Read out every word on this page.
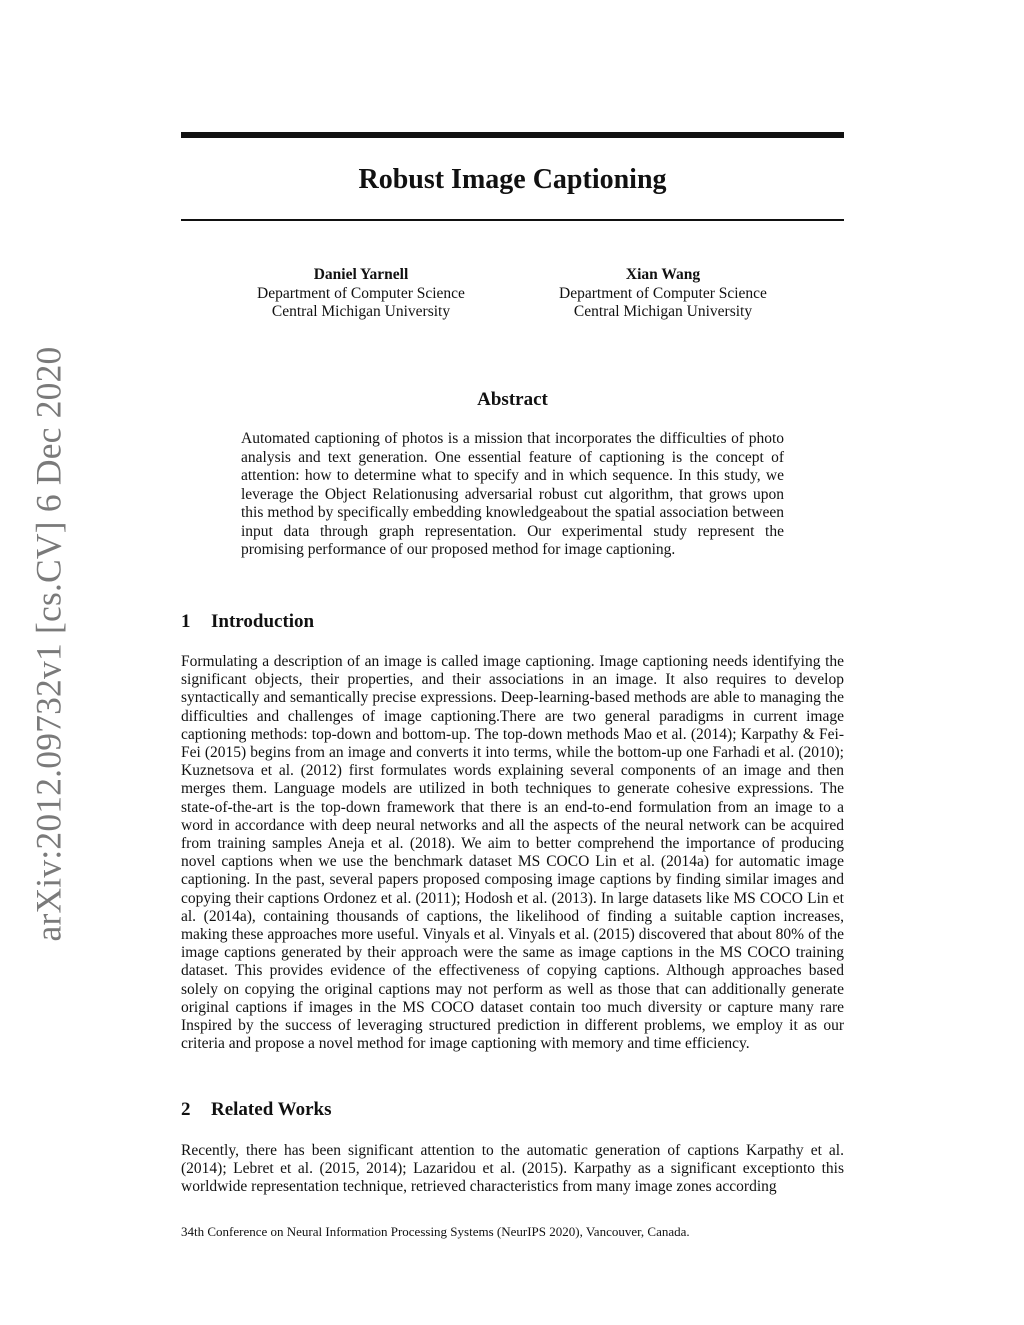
arXiv:2012.09732v1 [cs.CV] 6 Dec 2020
Robust Image Captioning
Daniel Yarnell
Department of Computer Science
Central Michigan University
Xian Wang
Department of Computer Science
Central Michigan University
Abstract

Automated captioning of photos is a mission that incorporates the difficulties of photo analysis and text generation. One essential feature of captioning is the concept of attention: how to determine what to specify and in which sequence. In this study, we leverage the Object Relationusing adversarial robust cut algorithm, that grows upon this method by specifically embedding knowledgeabout the spatial association between input data through graph representation. Our experimental study represent the promising performance of our proposed method for image captioning.

1 Introduction

Formulating a description of an image is called image captioning. Image captioning needs identifying the significant objects, their properties, and their associations in an image. It also requires to develop syntactically and semantically precise expressions. Deep-learning-based methods are able to managing the difficulties and challenges of image captioning.There are two general paradigms in current image captioning methods: top-down and bottom-up. The top-down methods Mao et al. (2014); Karpathy & Fei-Fei (2015) begins from an image and converts it into terms, while the bottom-up one Farhadi et al. (2010); Kuznetsova et al. (2012) first formulates words explaining several components of an image and then merges them. Language models are utilized in both techniques to generate cohesive expressions. The state-of-the-art is the top-down framework that there is an end-to-end formulation from an image to a word in accordance with deep neural networks and all the aspects of the neural network can be acquired from training samples Aneja et al. (2018). We aim to better comprehend the importance of producing novel captions when we use the benchmark dataset MS COCO Lin et al. (2014a) for automatic image captioning. In the past, several papers proposed composing image captions by finding similar images and copying their captions Ordonez et al. (2011); Hodosh et al. (2013). In large datasets like MS COCO Lin et al. (2014a), containing thousands of captions, the likelihood of finding a suitable caption increases, making these approaches more useful. Vinyals et al. Vinyals et al. (2015) discovered that about 80% of the image captions generated by their approach were the same as image captions in the MS COCO training dataset. This provides evidence of the effectiveness of copying captions. Although approaches based solely on copying the original captions may not perform as well as those that can additionally generate original captions if images in the MS COCO dataset contain too much diversity or capture many rare Inspired by the success of leveraging structured prediction in different problems, we employ it as our criteria and propose a novel method for image captioning with memory and time efficiency.

2 Related Works

Recently, there has been significant attention to the automatic generation of captions Karpathy et al. (2014); Lebret et al. (2015, 2014); Lazaridou et al. (2015). Karpathy as a significant exceptionto this worldwide representation technique, retrieved characteristics from many image zones according

34th Conference on Neural Information Processing Systems (NeurIPS 2020), Vancouver, Canada.
